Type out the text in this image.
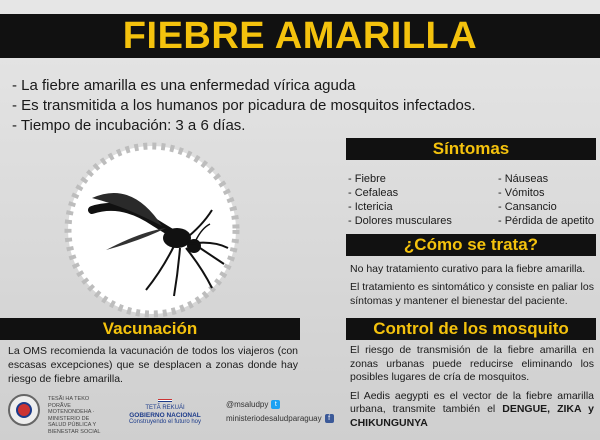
FIEBRE AMARILLA
- La fiebre amarilla es una enfermedad vírica aguda
- Es transmitida a los humanos por picadura de mosquitos infectados.
- Tiempo de incubación: 3 a 6 días.
Síntomas
- Fiebre
- Cefaleas
- Ictericia
- Dolores musculares
- Náuseas
- Vómitos
- Cansancio
- Pérdida de apetito
¿Cómo se trata?

No hay tratamiento curativo para la fiebre amarilla.

El tratamiento es sintomático y consiste en paliar los síntomas y mantener el bienestar del paciente.

Vacunación
La OMS recomienda la vacunación de todos los viajeros (con escasas excepciones) que se desplacen a zonas donde hay riesgo de fiebre amarilla.
Control de los mosquito

El riesgo de transmisión de la fiebre amarilla en zonas urbanas puede reducirse eliminando los posibles lugares de cría de mosquitos.

El Aedis aegypti es el vector de la fiebre amarilla urbana, transmite también el DENGUE, ZIKA y CHIKUNGUNYA

TESÃI HA TEKO PORÃVE MOTENONDEHA · MINISTERIO DE SALUD PÚBLICA Y BIENESTAR SOCIAL
TETÃ REKUÁI
GOBIERNO NACIONAL
Construyendo el futuro hoy
@msaludpy t
ministeriodesaludparaguay f
